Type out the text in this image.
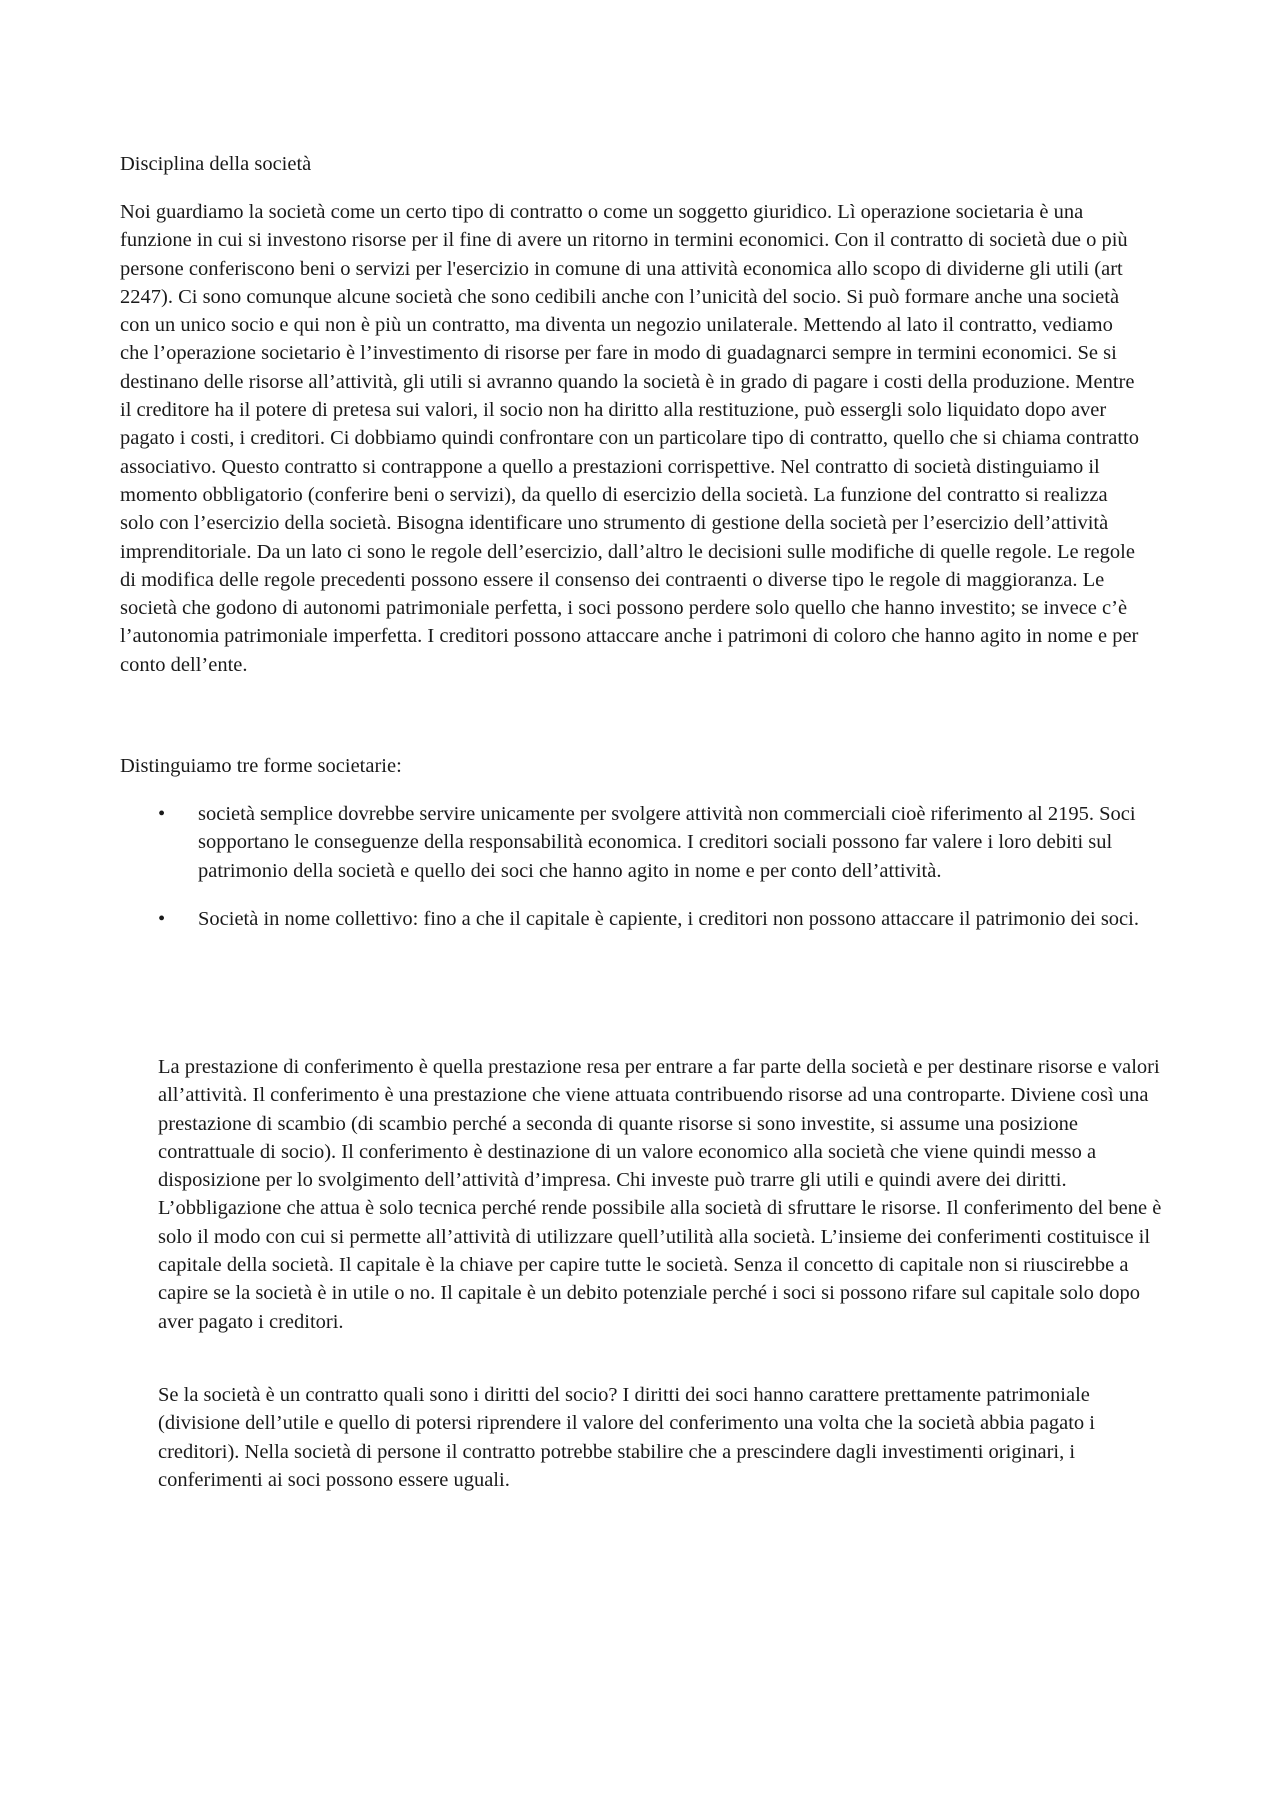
Disciplina della società

Noi guardiamo la società come un certo tipo di contratto o come un soggetto giuridico. Lì operazione societaria è una funzione in cui si investono risorse per il fine di avere un ritorno in termini economici. Con il contratto di società due o più persone conferiscono beni o servizi per l'esercizio in comune di una attività economica allo scopo di dividerne gli utili (art 2247). Ci sono comunque alcune società che sono cedibili anche con l’unicità del socio. Si può formare anche una società con un unico socio e qui non è più un contratto, ma diventa un negozio unilaterale. Mettendo al lato il contratto, vediamo che l’operazione societario è l’investimento di risorse per fare in modo di guadagnarci sempre in termini economici. Se si destinano delle risorse all’attività, gli utili si avranno quando la società è in grado di pagare i costi della produzione. Mentre il creditore ha il potere di pretesa sui valori, il socio non ha diritto alla restituzione, può essergli solo liquidato dopo aver pagato i costi, i creditori. Ci dobbiamo quindi confrontare con un particolare tipo di contratto, quello che si chiama contratto associativo. Questo contratto si contrappone a quello a prestazioni corrispettive. Nel contratto di società distinguiamo il momento obbligatorio (conferire beni o servizi), da quello di esercizio della società. La funzione del contratto si realizza solo con l’esercizio della società. Bisogna identificare uno strumento di gestione della società per l’esercizio dell’attività imprenditoriale. Da un lato ci sono le regole dell’esercizio, dall’altro le decisioni sulle modifiche di quelle regole. Le regole di modifica delle regole precedenti possono essere il consenso dei contraenti o diverse tipo le regole di maggioranza. Le società che godono di autonomi patrimoniale perfetta, i soci possono perdere solo quello che hanno investito; se invece c’è l’autonomia patrimoniale imperfetta. I creditori possono attaccare anche i patrimoni di coloro che hanno agito in nome e per conto dell’ente.

Distinguiamo tre forme societarie:

• società semplice dovrebbe servire unicamente per svolgere attività non commerciali cioè riferimento al 2195. Soci sopportano le conseguenze della responsabilità economica. I creditori sociali possono far valere i loro debiti sul patrimonio della società e quello dei soci che hanno agito in nome e per conto dell’attività.
• Società in nome collettivo: fino a che il capitale è capiente, i creditori non possono attaccare il patrimonio dei soci.

La prestazione di conferimento è quella prestazione resa per entrare a far parte della società e per destinare risorse e valori all’attività. Il conferimento è una prestazione che viene attuata contribuendo risorse ad una controparte. Diviene così una prestazione di scambio (di scambio perché a seconda di quante risorse si sono investite, si assume una posizione contrattuale di socio). Il conferimento è destinazione di un valore economico alla società che viene quindi messo a disposizione per lo svolgimento dell’attività d’impresa. Chi investe può trarre gli utili e quindi avere dei diritti. L’obbligazione che attua è solo tecnica perché rende possibile alla società di sfruttare le risorse. Il conferimento del bene è solo il modo con cui si permette all’attività di utilizzare quell’utilità alla società. L’insieme dei conferimenti costituisce il capitale della società. Il capitale è la chiave per capire tutte le società. Senza il concetto di capitale non si riuscirebbe a capire se la società è in utile o no. Il capitale è un debito potenziale perché i soci si possono rifare sul capitale solo dopo aver pagato i creditori.

Se la società è un contratto quali sono i diritti del socio? I diritti dei soci hanno carattere prettamente patrimoniale (divisione dell’utile e quello di potersi riprendere il valore del conferimento una volta che la società abbia pagato i creditori). Nella società di persone il contratto potrebbe stabilire che a prescindere dagli investimenti originari, i conferimenti ai soci possono essere uguali.
